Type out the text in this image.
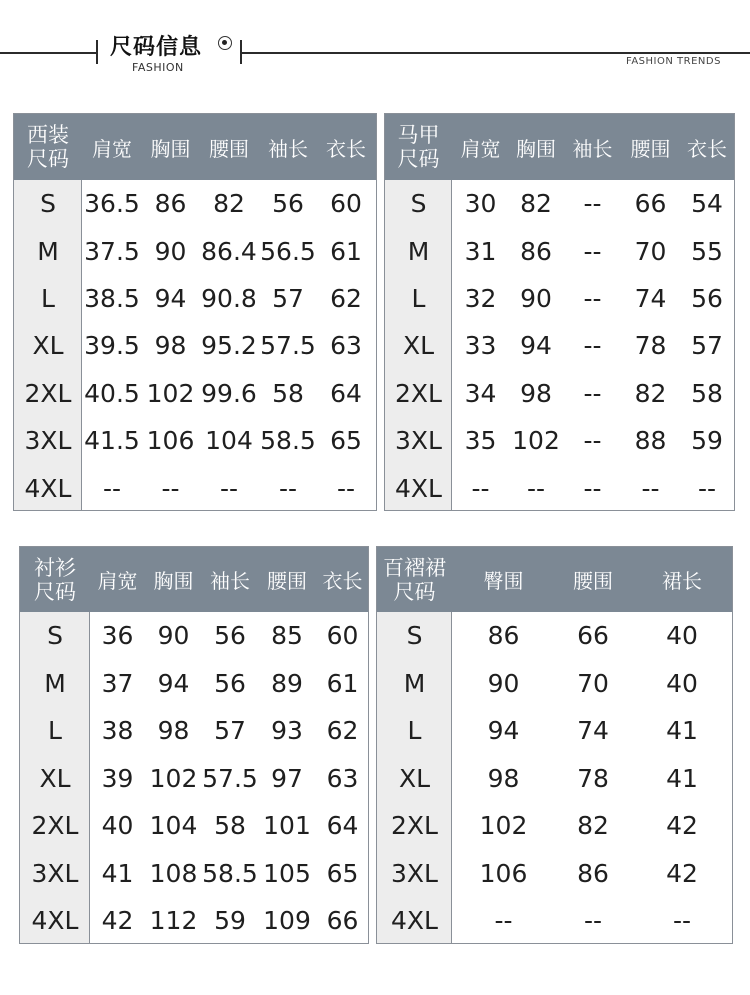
尺码信息
FASHION	FASHION TRENDS
西装
尺码	肩宽 胸围 腰围 袖长 衣长
S	36.5 86	82	56	60
M	37.5 90 86.4 56.5 61
L	38.5 94 90.8 57	62
XL 39.5 98 95.2 57.5 63
2XL 40.5 102 99.6 58	64
3XL 41.5 106 104 58.5 65
4XL	--	--	--	--	--
马甲
尺码	肩宽 胸围 袖长 腰围 衣长
S	30 82	--	66 54
M	31 86	--	70 55
L	32 90	--	74 56
XL	33 94	--	78 57
2XL 34 98	--	82 58
3XL 35 102 --	88 59
4XL	--	--	--	--	--
衬衫
尺码	肩宽 胸围 袖长 腰围 衣长
S	36 90 56	85 60
M	37 94 56	89 61
L	38 98 57	93 62
XL	39 102 57.5 97 63
2XL 40 104 58 101 64
3XL 41 108 58.5 105 65
4XL 42 112 59 109 66
百褶裙
尺码	臀围	腰围	裙长
S	86	66	40
M	90	70	40
L	94	74	41
XL	98	78	41
2XL	102	82	42
3XL	106	86	42
4XL	--	--	--
